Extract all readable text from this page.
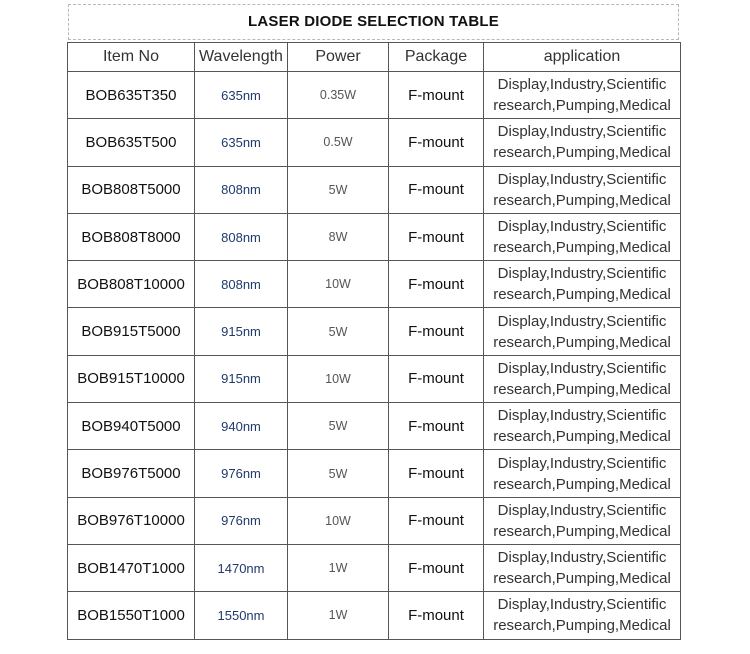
LASER DIODE SELECTION TABLE
Item No	Wavelength	Power	Package	application
BOB635T350	635nm	0.35W	F-mount	Display,Industry,Scientific
research,Pumping,Medical

BOB635T500	635nm	0.5W	F-mount	Display,Industry,Scientific
research,Pumping,Medical

BOB808T5000	808nm	5W	F-mount	Display,Industry,Scientific
research,Pumping,Medical

BOB808T8000	808nm	8W	F-mount	Display,Industry,Scientific
research,Pumping,Medical

BOB808T10000	808nm	10W	F-mount	Display,Industry,Scientific
research,Pumping,Medical

BOB915T5000	915nm	5W	F-mount	Display,Industry,Scientific
research,Pumping,Medical

BOB915T10000	915nm	10W	F-mount	Display,Industry,Scientific
research,Pumping,Medical

BOB940T5000	940nm	5W	F-mount	Display,Industry,Scientific
research,Pumping,Medical

BOB976T5000	976nm	5W	F-mount	Display,Industry,Scientific
research,Pumping,Medical

BOB976T10000	976nm	10W	F-mount	Display,Industry,Scientific
research,Pumping,Medical

BOB1470T1000	1470nm	1W	F-mount	Display,Industry,Scientific
research,Pumping,Medical

BOB1550T1000	1550nm	1W	F-mount	Display,Industry,Scientific
research,Pumping,Medical
